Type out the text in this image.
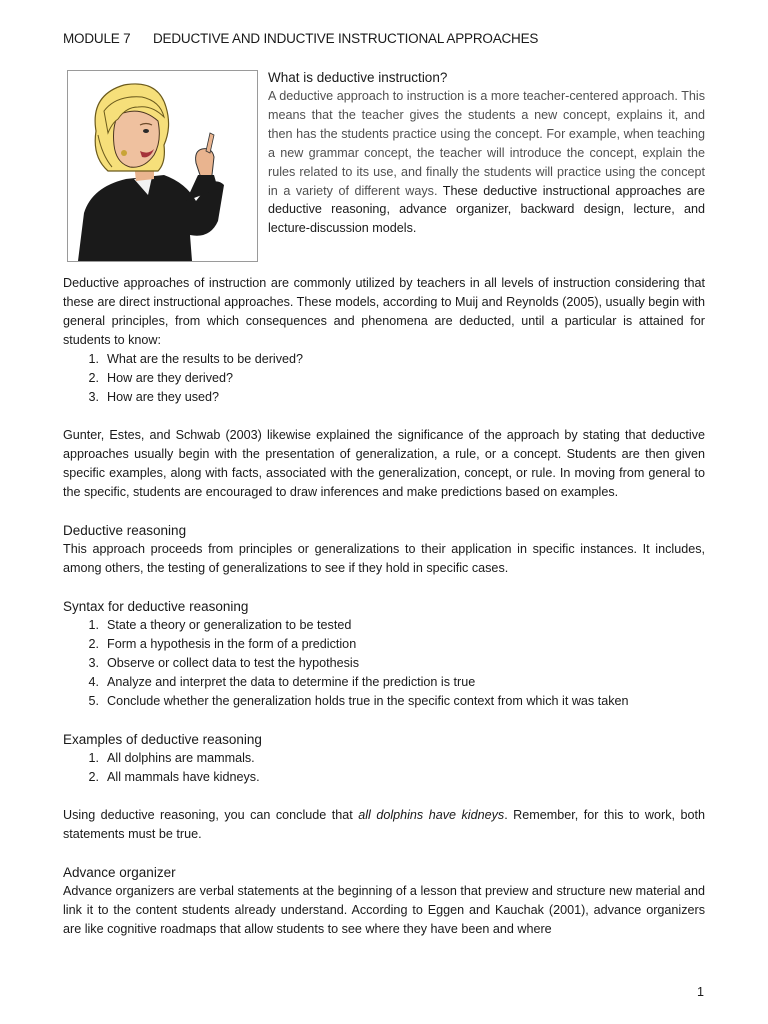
MODULE 7 DEDUCTIVE AND INDUCTIVE INSTRUCTIONAL APPROACHES
What is deductive instruction?

A deductive approach to instruction is a more teacher-centered approach. This means that the teacher gives the students a new concept, explains it, and then has the students practice using the concept. For example, when teaching a new grammar concept, the teacher will introduce the concept, explain the rules related to its use, and finally the students will practice using the concept in a variety of different ways. These deductive instructional approaches are deductive reasoning, advance organizer, backward design, lecture, and lecture-discussion models.

Deductive approaches of instruction are commonly utilized by teachers in all levels of instruction considering that these are direct instructional approaches. These models, according to Muij and Reynolds (2005), usually begin with general principles, from which consequences and phenomena are deducted, until a particular is attained for students to know:

1. What are the results to be derived?
2. How are they derived?
3. How are they used?

Gunter, Estes, and Schwab (2003) likewise explained the significance of the approach by stating that deductive approaches usually begin with the presentation of generalization, a rule, or a concept. Students are then given specific examples, along with facts, associated with the generalization, concept, or rule. In moving from general to the specific, students are encouraged to draw inferences and make predictions based on examples.

Deductive reasoning

This approach proceeds from principles or generalizations to their application in specific instances. It includes, among others, the testing of generalizations to see if they hold in specific cases.

Syntax for deductive reasoning
1. State a theory or generalization to be tested
2. Form a hypothesis in the form of a prediction
3. Observe or collect data to test the hypothesis
4. Analyze and interpret the data to determine if the prediction is true
5. Conclude whether the generalization holds true in the specific context from which it was taken
Examples of deductive reasoning
1. All dolphins are mammals.
2. All mammals have kidneys.

Using deductive reasoning, you can conclude that all dolphins have kidneys. Remember, for this to work, both statements must be true.

Advance organizer

Advance organizers are verbal statements at the beginning of a lesson that preview and structure new material and link it to the content students already understand. According to Eggen and Kauchak (2001), advance organizers are like cognitive roadmaps that allow students to see where they have been and where

1
